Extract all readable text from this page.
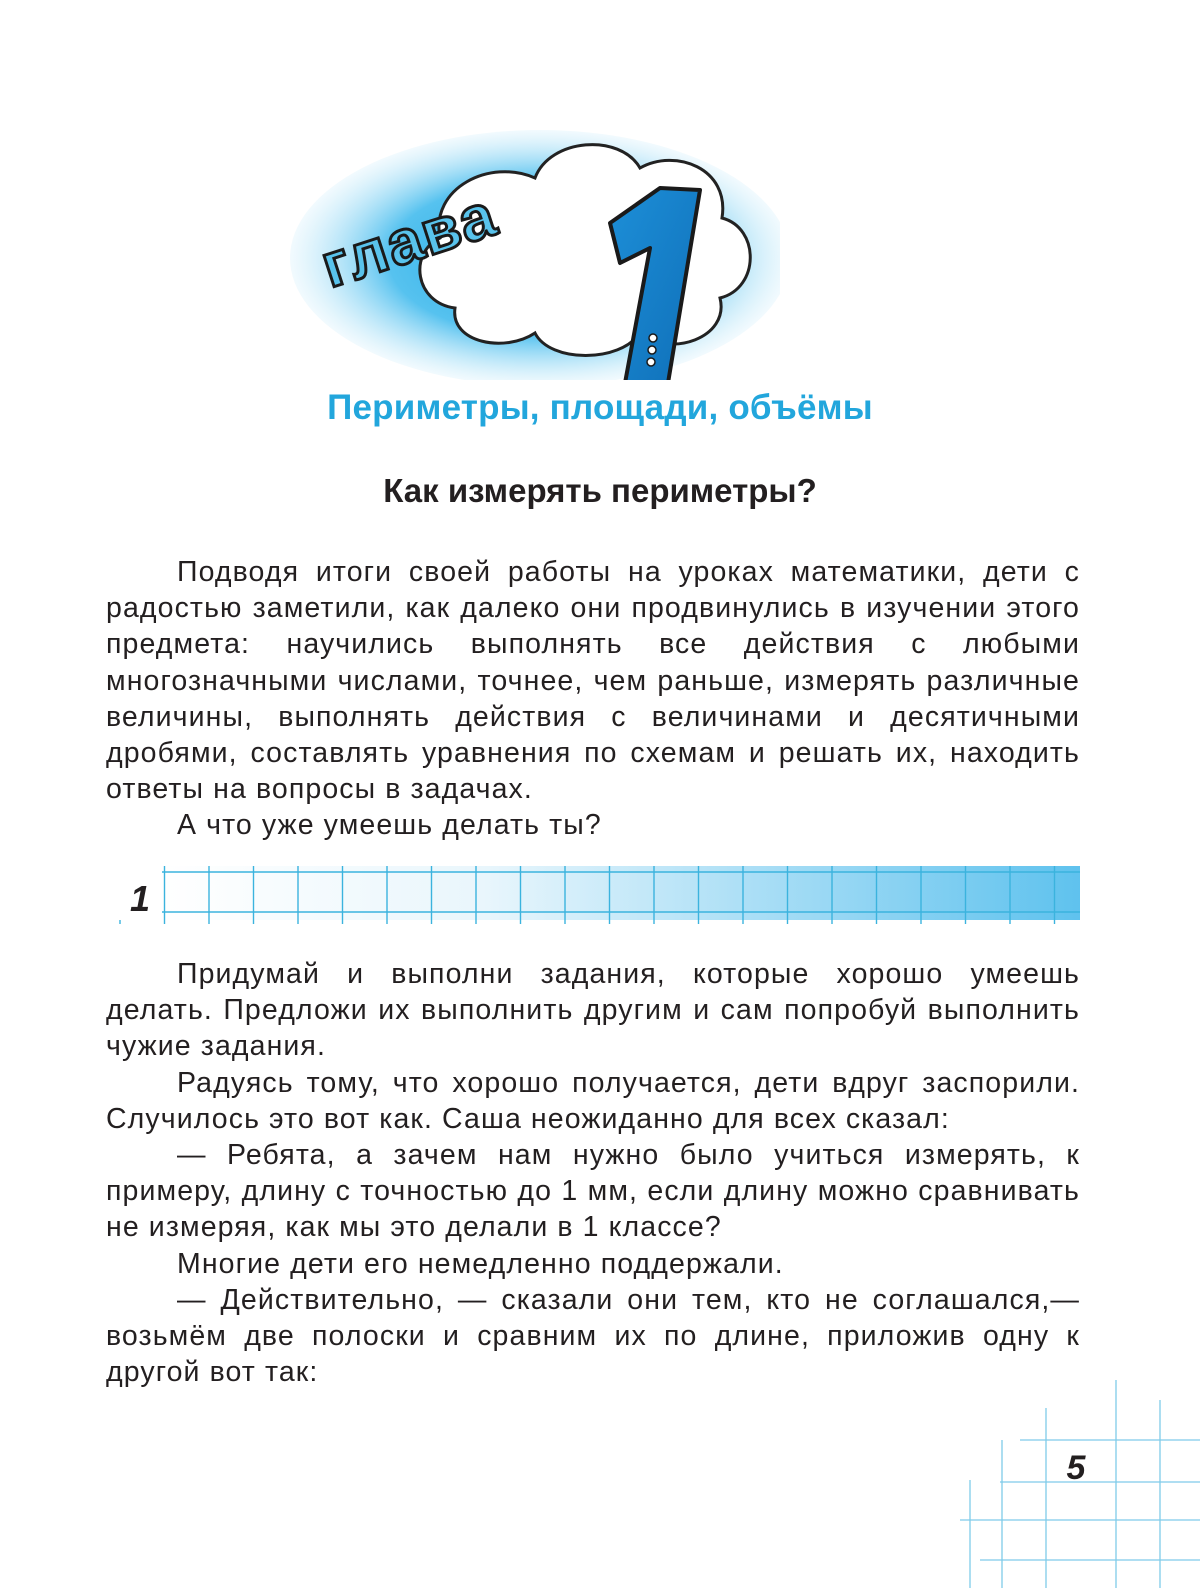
глава
Периметры, площади, объёмы
Как измерять периметры?

Подводя итоги своей работы на уроках математики, дети с радостью заметили, как далеко они продвинулись в изучении этого предмета: научились выполнять все действия с любыми многозначными числами, точнее, чем раньше, измерять различные величины, выполнять действия с величинами и десятичными дробями, составлять уравнения по схемам и решать их, находить ответы на вопросы в задачах.

А что уже умеешь делать ты?

1

Придумай и выполни задания, которые хорошо умеешь делать. Предложи их выполнить другим и сам попробуй выполнить чужие задания.

Радуясь тому, что хорошо получается, дети вдруг заспорили. Случилось это вот как. Саша неожиданно для всех сказал:

— Ребята, а зачем нам нужно было учиться измерять, к примеру, длину с точностью до 1 мм, если длину можно сравнивать не измеряя, как мы это делали в 1 классе?

Многие дети его немедленно поддержали.

— Действительно, — сказали они тем, кто не соглашался,— возьмём две полоски и сравним их по длине, приложив одну к другой вот так:

5
